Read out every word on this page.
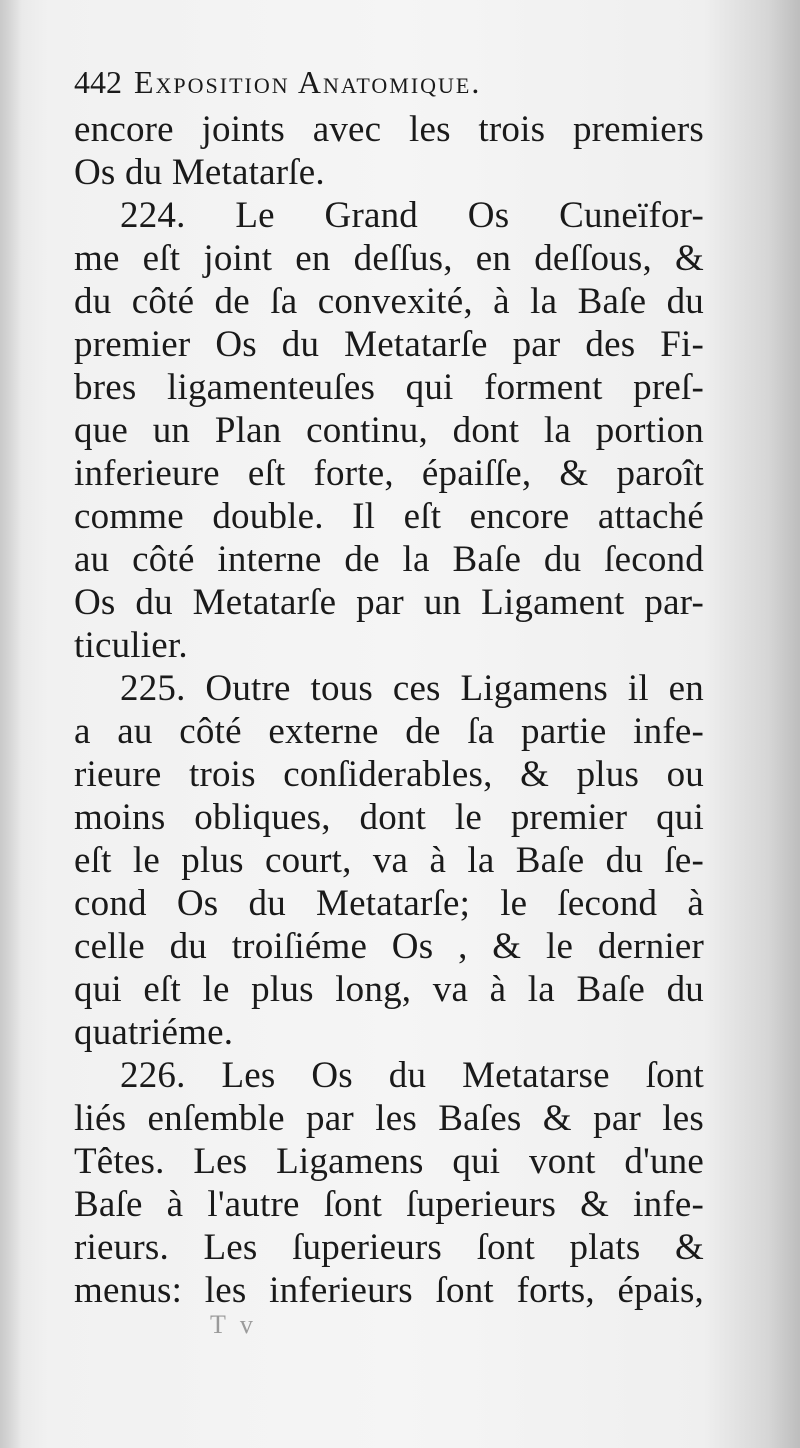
442 Exposition Anatomique.
encore joints avec les trois premiers
Os du Metatarſe.
224. Le Grand Os Cuneïfor-
me eſt joint en deſſus, en deſſous, &
du côté de ſa convexité, à la Baſe du
premier Os du Metatarſe par des Fi-
bres ligamenteuſes qui forment preſ-
que un Plan continu, dont la portion
inferieure eſt forte, épaiſſe, & paroît
comme double. Il eſt encore attaché
au côté interne de la Baſe du ſecond
Os du Metatarſe par un Ligament par-
ticulier.
225. Outre tous ces Ligamens il en
a au côté externe de ſa partie infe-
rieure trois conſiderables, & plus ou
moins obliques, dont le premier qui
eſt le plus court, va à la Baſe du ſe-
cond Os du Metatarſe; le ſecond à
celle du troiſiéme Os , & le dernier
qui eſt le plus long, va à la Baſe du
quatriéme.
226. Les Os du Metatarse ſont
liés enſemble par les Baſes & par les
Têtes. Les Ligamens qui vont d'une
Baſe à l'autre ſont ſuperieurs & infe-
rieurs. Les ſuperieurs ſont plats &
menus: les inferieurs ſont forts, épais,
T v
